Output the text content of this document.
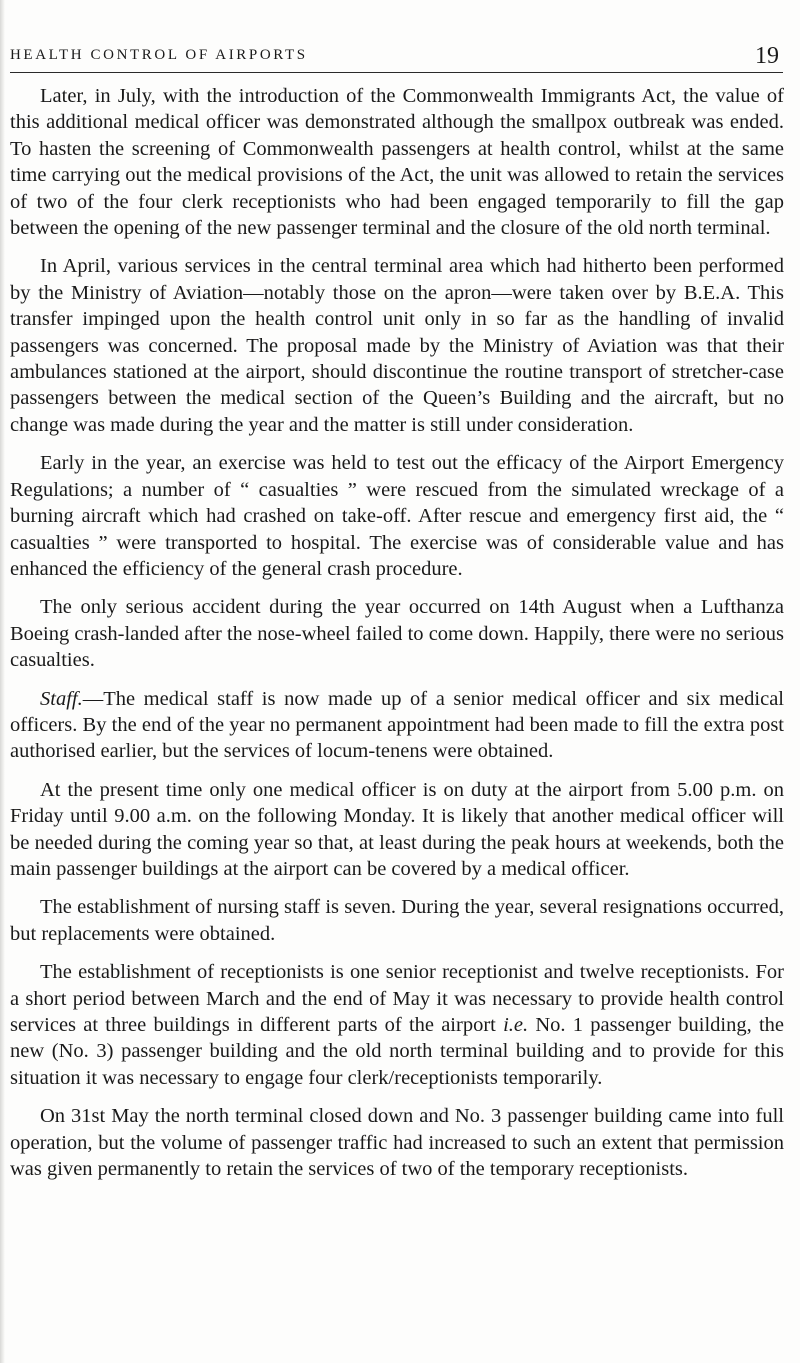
HEALTH CONTROL OF AIRPORTS	19

Later, in July, with the introduction of the Commonwealth Immigrants Act, the value of this additional medical officer was demonstrated although the smallpox outbreak was ended. To hasten the screening of Commonwealth passengers at health control, whilst at the same time carrying out the medical provisions of the Act, the unit was allowed to retain the services of two of the four clerk receptionists who had been engaged temporarily to fill the gap between the opening of the new passenger terminal and the closure of the old north terminal.

In April, various services in the central terminal area which had hitherto been performed by the Ministry of Aviation—notably those on the apron—were taken over by B.E.A. This transfer impinged upon the health control unit only in so far as the handling of invalid passengers was concerned. The proposal made by the Ministry of Aviation was that their ambulances stationed at the airport, should discontinue the routine transport of stretcher-case passengers between the medical section of the Queen’s Building and the aircraft, but no change was made during the year and the matter is still under consideration.

Early in the year, an exercise was held to test out the efficacy of the Airport Emergency Regulations; a number of “ casualties ” were rescued from the simulated wreckage of a burning aircraft which had crashed on take-off. After rescue and emergency first aid, the “ casualties ” were transported to hospital. The exercise was of considerable value and has enhanced the efficiency of the general crash procedure.

The only serious accident during the year occurred on 14th August when a Lufthanza Boeing crash-landed after the nose-wheel failed to come down. Happily, there were no serious casualties.

Staff.—The medical staff is now made up of a senior medical officer and six medical officers. By the end of the year no permanent appointment had been made to fill the extra post authorised earlier, but the services of locum-tenens were obtained.

At the present time only one medical officer is on duty at the airport from 5.00 p.m. on Friday until 9.00 a.m. on the following Monday. It is likely that another medical officer will be needed during the coming year so that, at least during the peak hours at weekends, both the main passenger buildings at the airport can be covered by a medical officer.

The establishment of nursing staff is seven. During the year, several resignations occurred, but replacements were obtained.

The establishment of receptionists is one senior receptionist and twelve receptionists. For a short period between March and the end of May it was necessary to provide health control services at three buildings in different parts of the airport i.e. No. 1 passenger building, the new (No. 3) passenger building and the old north terminal building and to provide for this situation it was necessary to engage four clerk/receptionists temporarily.

On 31st May the north terminal closed down and No. 3 passenger building came into full operation, but the volume of passenger traffic had increased to such an extent that permission was given permanently to retain the services of two of the temporary receptionists.
